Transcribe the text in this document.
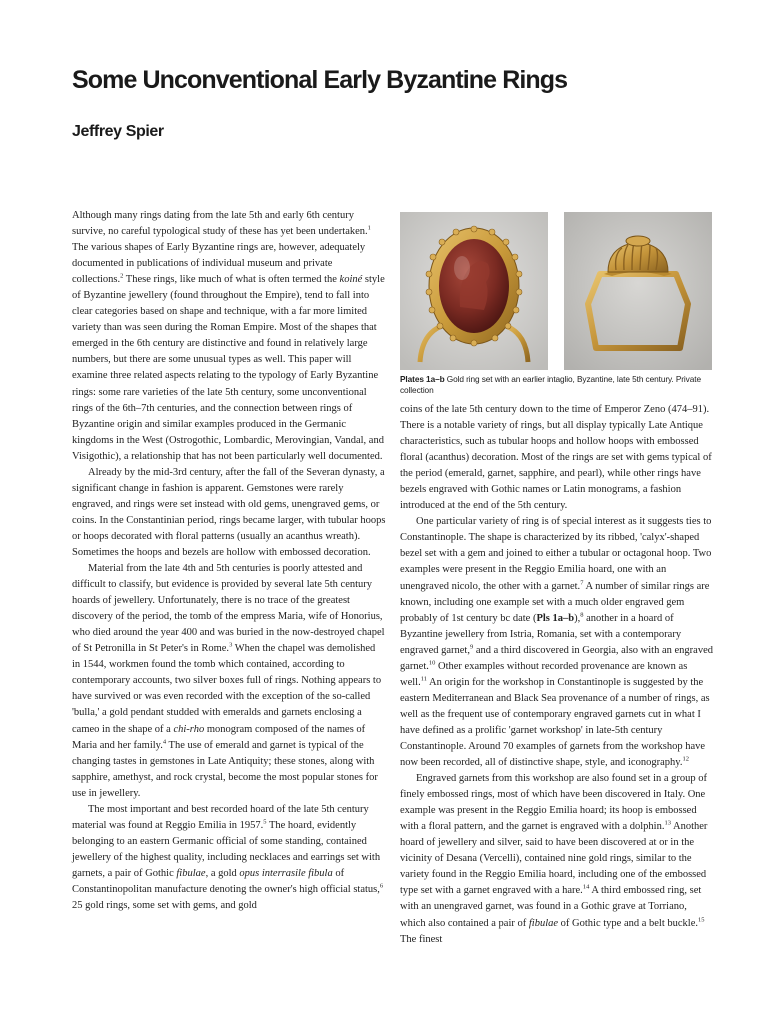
Some Unconventional Early Byzantine Rings
Jeffrey Spier
Plates 1a–b Gold ring set with an earlier intaglio, Byzantine, late 5th century. Private collection

Although many rings dating from the late 5th and early 6th century survive, no careful typological study of these has yet been undertaken.$^1$ The various shapes of Early Byzantine rings are, however, adequately documented in publications of individual museum and private collections.$^2$ These rings, like much of what is often termed the koiné style of Byzantine jewellery (found throughout the Empire), tend to fall into clear categories based on shape and technique, with a far more limited variety than was seen during the Roman Empire. Most of the shapes that emerged in the 6th century are distinctive and found in relatively large numbers, but there are some unusual types as well. This paper will examine three related aspects relating to the typology of Early Byzantine rings: some rare varieties of the late 5th century, some unconventional rings of the 6th–7th centuries, and the connection between rings of Byzantine origin and similar examples produced in the Germanic kingdoms in the West (Ostrogothic, Lombardic, Merovingian, Vandal, and Visigothic), a relationship that has not been particularly well documented.

Already by the mid-3rd century, after the fall of the Severan dynasty, a significant change in fashion is apparent. Gemstones were rarely engraved, and rings were set instead with old gems, unengraved gems, or coins. In the Constantinian period, rings became larger, with tubular hoops or hoops decorated with floral patterns (usually an acanthus wreath). Sometimes the hoops and bezels are hollow with embossed decoration.

Material from the late 4th and 5th centuries is poorly attested and difficult to classify, but evidence is provided by several late 5th century hoards of jewellery. Unfortunately, there is no trace of the greatest discovery of the period, the tomb of the empress Maria, wife of Honorius, who died around the year 400 and was buried in the now-destroyed chapel of St Petronilla in St Peter's in Rome.$^3$ When the chapel was demolished in 1544, workmen found the tomb which contained, according to contemporary accounts, two silver boxes full of rings. Nothing appears to have survived or was even recorded with the exception of the so-called 'bulla,' a gold pendant studded with emeralds and garnets enclosing a cameo in the shape of a chi-rho monogram composed of the names of Maria and her family.$^4$ The use of emerald and garnet is typical of the changing tastes in gemstones in Late Antiquity; these stones, along with sapphire, amethyst, and rock crystal, become the most popular stones for use in jewellery.

The most important and best recorded hoard of the late 5th century material was found at Reggio Emilia in 1957.$^5$ The hoard, evidently belonging to an eastern Germanic official of some standing, contained jewellery of the highest quality, including necklaces and earrings set with garnets, a pair of Gothic fibulae, a gold opus interrasile fibula of Constantinopolitan manufacture denoting the owner's high official status,$^6$ 25 gold rings, some set with gems, and gold

coins of the late 5th century down to the time of Emperor Zeno (474–91). There is a notable variety of rings, but all display typically Late Antique characteristics, such as tubular hoops and hollow hoops with embossed floral (acanthus) decoration. Most of the rings are set with gems typical of the period (emerald, garnet, sapphire, and pearl), while other rings have bezels engraved with Gothic names or Latin monograms, a fashion introduced at the end of the 5th century.

One particular variety of ring is of special interest as it suggests ties to Constantinople. The shape is characterized by its ribbed, 'calyx'-shaped bezel set with a gem and joined to either a tubular or octagonal hoop. Two examples were present in the Reggio Emilia hoard, one with an unengraved nicolo, the other with a garnet.$^7$ A number of similar rings are known, including one example set with a much older engraved gem probably of 1st century bc date (Pls 1a–b),$^8$ another in a hoard of Byzantine jewellery from Istria, Romania, set with a contemporary engraved garnet,$^9$ and a third discovered in Georgia, also with an engraved garnet.$^{10}$ Other examples without recorded provenance are known as well.$^{11}$ An origin for the workshop in Constantinople is suggested by the eastern Mediterranean and Black Sea provenance of a number of rings, as well as the frequent use of contemporary engraved garnets cut in what I have defined as a prolific 'garnet workshop' in late-5th century Constantinople. Around 70 examples of garnets from the workshop have now been recorded, all of distinctive shape, style, and iconography.$^{12}$

Engraved garnets from this workshop are also found set in a group of finely embossed rings, most of which have been discovered in Italy. One example was present in the Reggio Emilia hoard; its hoop is embossed with a floral pattern, and the garnet is engraved with a dolphin.$^{13}$ Another hoard of jewellery and silver, said to have been discovered at or in the vicinity of Desana (Vercelli), contained nine gold rings, similar to the variety found in the Reggio Emilia hoard, including one of the embossed type set with a garnet engraved with a hare.$^{14}$ A third embossed ring, set with an unengraved garnet, was found in a Gothic grave at Torriano, which also contained a pair of fibulae of Gothic type and a belt buckle.$^{15}$ The finest
